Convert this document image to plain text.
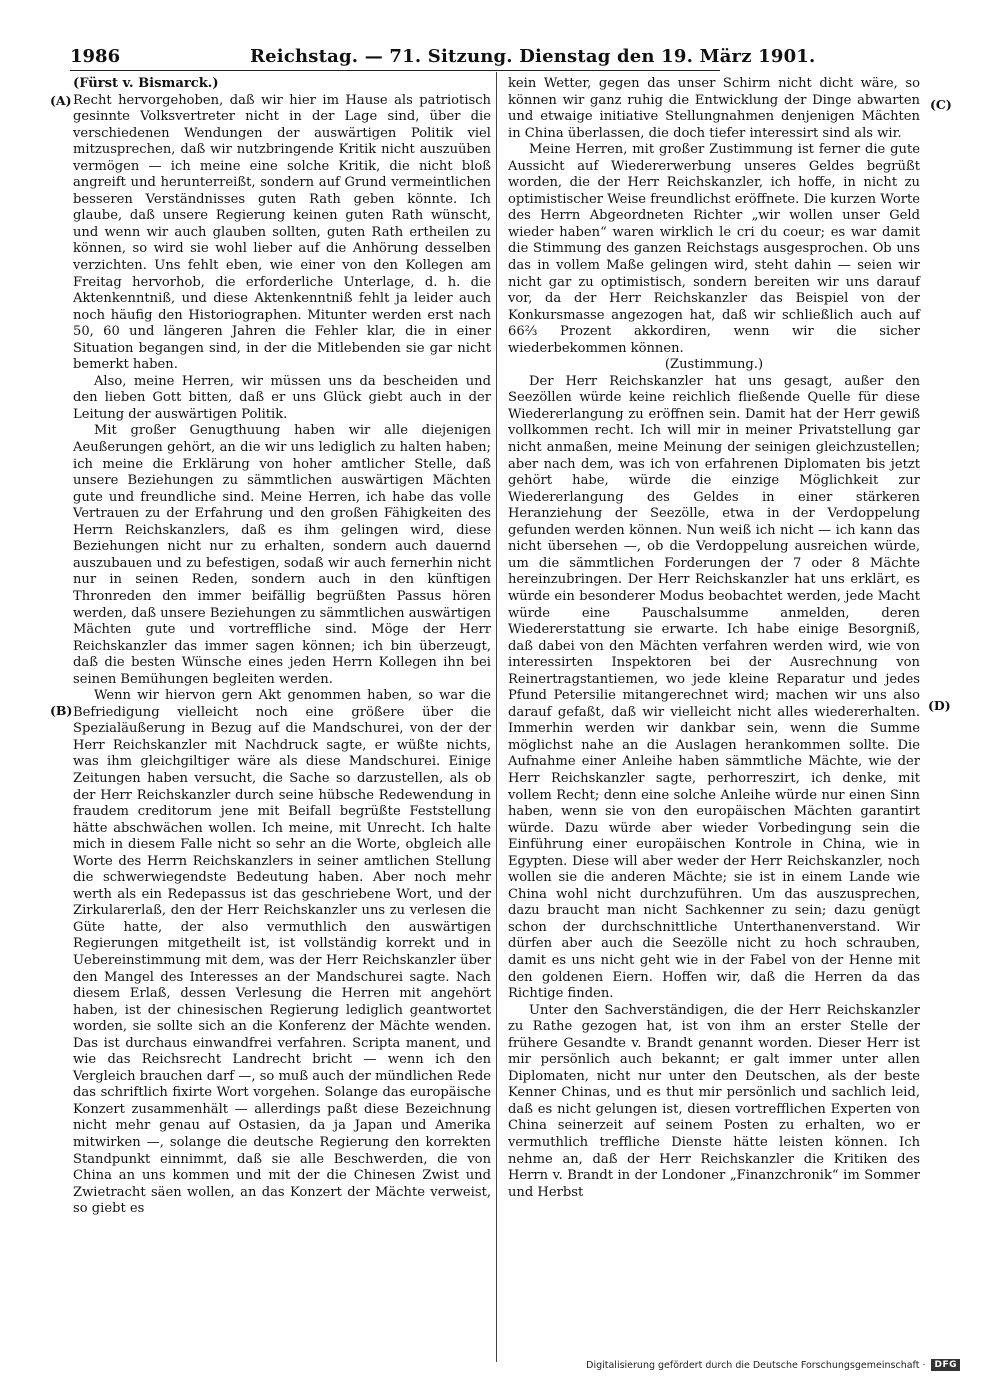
1986	Reichstag. — 71. Sitzung. Dienstag den 19. März 1901.
(A)
(B)
(C)
(D)

(Fürst v. Bismarck.)

Recht hervorgehoben, daß wir hier im Hause als patriotisch gesinnte Volksvertreter nicht in der Lage sind, über die verschiedenen Wendungen der auswärtigen Politik viel mitzusprechen, daß wir nutzbringende Kritik nicht auszuüben vermögen — ich meine eine solche Kritik, die nicht bloß angreift und herunterreißt, sondern auf Grund vermeintlichen besseren Verständnisses guten Rath geben könnte. Ich glaube, daß unsere Regierung keinen guten Rath wünscht, und wenn wir auch glauben sollten, guten Rath ertheilen zu können, so wird sie wohl lieber auf die Anhörung desselben verzichten. Uns fehlt eben, wie einer von den Kollegen am Freitag hervorhob, die erforderliche Unterlage, d. h. die Aktenkenntniß, und diese Aktenkenntniß fehlt ja leider auch noch häufig den Historiographen. Mitunter werden erst nach 50, 60 und längeren Jahren die Fehler klar, die in einer Situation begangen sind, in der die Mitlebenden sie gar nicht bemerkt haben.

Also, meine Herren, wir müssen uns da bescheiden und den lieben Gott bitten, daß er uns Glück giebt auch in der Leitung der auswärtigen Politik.

Mit großer Genugthuung haben wir alle diejenigen Aeußerungen gehört, an die wir uns lediglich zu halten haben; ich meine die Erklärung von hoher amtlicher Stelle, daß unsere Beziehungen zu sämmtlichen auswärtigen Mächten gute und freundliche sind. Meine Herren, ich habe das volle Vertrauen zu der Erfahrung und den großen Fähigkeiten des Herrn Reichskanzlers, daß es ihm gelingen wird, diese Beziehungen nicht nur zu erhalten, sondern auch dauernd auszubauen und zu befestigen, sodaß wir auch fernerhin nicht nur in seinen Reden, sondern auch in den künftigen Thronreden den immer beifällig begrüßten Passus hören werden, daß unsere Beziehungen zu sämmtlichen auswärtigen Mächten gute und vortreffliche sind. Möge der Herr Reichskanzler das immer sagen können; ich bin überzeugt, daß die besten Wünsche eines jeden Herrn Kollegen ihn bei seinen Bemühungen begleiten werden.

Wenn wir hiervon gern Akt genommen haben, so war die Befriedigung vielleicht noch eine größere über die Spezialäußerung in Bezug auf die Mandschurei, von der der Herr Reichskanzler mit Nachdruck sagte, er wüßte nichts, was ihm gleichgiltiger wäre als diese Mandschurei. Einige Zeitungen haben versucht, die Sache so darzustellen, als ob der Herr Reichskanzler durch seine hübsche Redewendung in fraudem creditorum jene mit Beifall begrüßte Feststellung hätte abschwächen wollen. Ich meine, mit Unrecht. Ich halte mich in diesem Falle nicht so sehr an die Worte, obgleich alle Worte des Herrn Reichskanzlers in seiner amtlichen Stellung die schwerwiegendste Bedeutung haben. Aber noch mehr werth als ein Redepassus ist das geschriebene Wort, und der Zirkularerlaß, den der Herr Reichskanzler uns zu verlesen die Güte hatte, der also vermuthlich den auswärtigen Regierungen mitgetheilt ist, ist vollständig korrekt und in Uebereinstimmung mit dem, was der Herr Reichskanzler über den Mangel des Interesses an der Mandschurei sagte. Nach diesem Erlaß, dessen Verlesung die Herren mit angehört haben, ist der chinesischen Regierung lediglich geantwortet worden, sie sollte sich an die Konferenz der Mächte wenden. Das ist durchaus einwandfrei verfahren. Scripta manent, und wie das Reichsrecht Landrecht bricht — wenn ich den Vergleich brauchen darf —, so muß auch der mündlichen Rede das schriftlich fixirte Wort vorgehen. Solange das europäische Konzert zusammenhält — allerdings paßt diese Bezeichnung nicht mehr genau auf Ostasien, da ja Japan und Amerika mitwirken —, solange die deutsche Regierung den korrekten Standpunkt einnimmt, daß sie alle Beschwerden, die von China an uns kommen und mit der die Chinesen Zwist und Zwietracht säen wollen, an das Konzert der Mächte verweist, so giebt es

kein Wetter, gegen das unser Schirm nicht dicht wäre, so können wir ganz ruhig die Entwicklung der Dinge abwarten und etwaige initiative Stellungnahmen denjenigen Mächten in China überlassen, die doch tiefer interessirt sind als wir.

Meine Herren, mit großer Zustimmung ist ferner die gute Aussicht auf Wiedererwerbung unseres Geldes begrüßt worden, die der Herr Reichskanzler, ich hoffe, in nicht zu optimistischer Weise freundlichst eröffnete. Die kurzen Worte des Herrn Abgeordneten Richter „wir wollen unser Geld wieder haben“ waren wirklich le cri du coeur; es war damit die Stimmung des ganzen Reichstags ausgesprochen. Ob uns das in vollem Maße gelingen wird, steht dahin — seien wir nicht gar zu optimistisch, sondern bereiten wir uns darauf vor, da der Herr Reichskanzler das Beispiel von der Konkursmasse angezogen hat, daß wir schließlich auch auf 66⅔ Prozent akkordiren, wenn wir die sicher wiederbekommen können.

(Zustimmung.)

Der Herr Reichskanzler hat uns gesagt, außer den Seezöllen würde keine reichlich fließende Quelle für diese Wiedererlangung zu eröffnen sein. Damit hat der Herr gewiß vollkommen recht. Ich will mir in meiner Privatstellung gar nicht anmaßen, meine Meinung der seinigen gleichzustellen; aber nach dem, was ich von erfahrenen Diplomaten bis jetzt gehört habe, würde die einzige Möglichkeit zur Wiedererlangung des Geldes in einer stärkeren Heranziehung der Seezölle, etwa in der Verdoppelung gefunden werden können. Nun weiß ich nicht — ich kann das nicht übersehen —, ob die Verdoppelung ausreichen würde, um die sämmtlichen Forderungen der 7 oder 8 Mächte hereinzubringen. Der Herr Reichskanzler hat uns erklärt, es würde ein besonderer Modus beobachtet werden, jede Macht würde eine Pauschalsumme anmelden, deren Wiedererstattung sie erwarte. Ich habe einige Besorgniß, daß dabei von den Mächten verfahren werden wird, wie von interessirten Inspektoren bei der Ausrechnung von Reinertragstantiemen, wo jede kleine Reparatur und jedes Pfund Petersilie mitangerechnet wird; machen wir uns also darauf gefaßt, daß wir vielleicht nicht alles wiedererhalten. Immerhin werden wir dankbar sein, wenn die Summe möglichst nahe an die Auslagen herankommen sollte. Die Aufnahme einer Anleihe haben sämmtliche Mächte, wie der Herr Reichskanzler sagte, perhorreszirt, ich denke, mit vollem Recht; denn eine solche Anleihe würde nur einen Sinn haben, wenn sie von den europäischen Mächten garantirt würde. Dazu würde aber wieder Vorbedingung sein die Einführung einer europäischen Kontrole in China, wie in Egypten. Diese will aber weder der Herr Reichskanzler, noch wollen sie die anderen Mächte; sie ist in einem Lande wie China wohl nicht durchzuführen. Um das auszusprechen, dazu braucht man nicht Sachkenner zu sein; dazu genügt schon der durchschnittliche Unterthanenverstand. Wir dürfen aber auch die Seezölle nicht zu hoch schrauben, damit es uns nicht geht wie in der Fabel von der Henne mit den goldenen Eiern. Hoffen wir, daß die Herren da das Richtige finden.

Unter den Sachverständigen, die der Herr Reichskanzler zu Rathe gezogen hat, ist von ihm an erster Stelle der frühere Gesandte v. Brandt genannt worden. Dieser Herr ist mir persönlich auch bekannt; er galt immer unter allen Diplomaten, nicht nur unter den Deutschen, als der beste Kenner Chinas, und es thut mir persönlich und sachlich leid, daß es nicht gelungen ist, diesen vortrefflichen Experten von China seinerzeit auf seinem Posten zu erhalten, wo er vermuthlich treffliche Dienste hätte leisten können. Ich nehme an, daß der Herr Reichskanzler die Kritiken des Herrn v. Brandt in der Londoner „Finanzchronik“ im Sommer und Herbst

Digitalisierung gefördert durch die Deutsche Forschungsgemeinschaft ·	DFG
